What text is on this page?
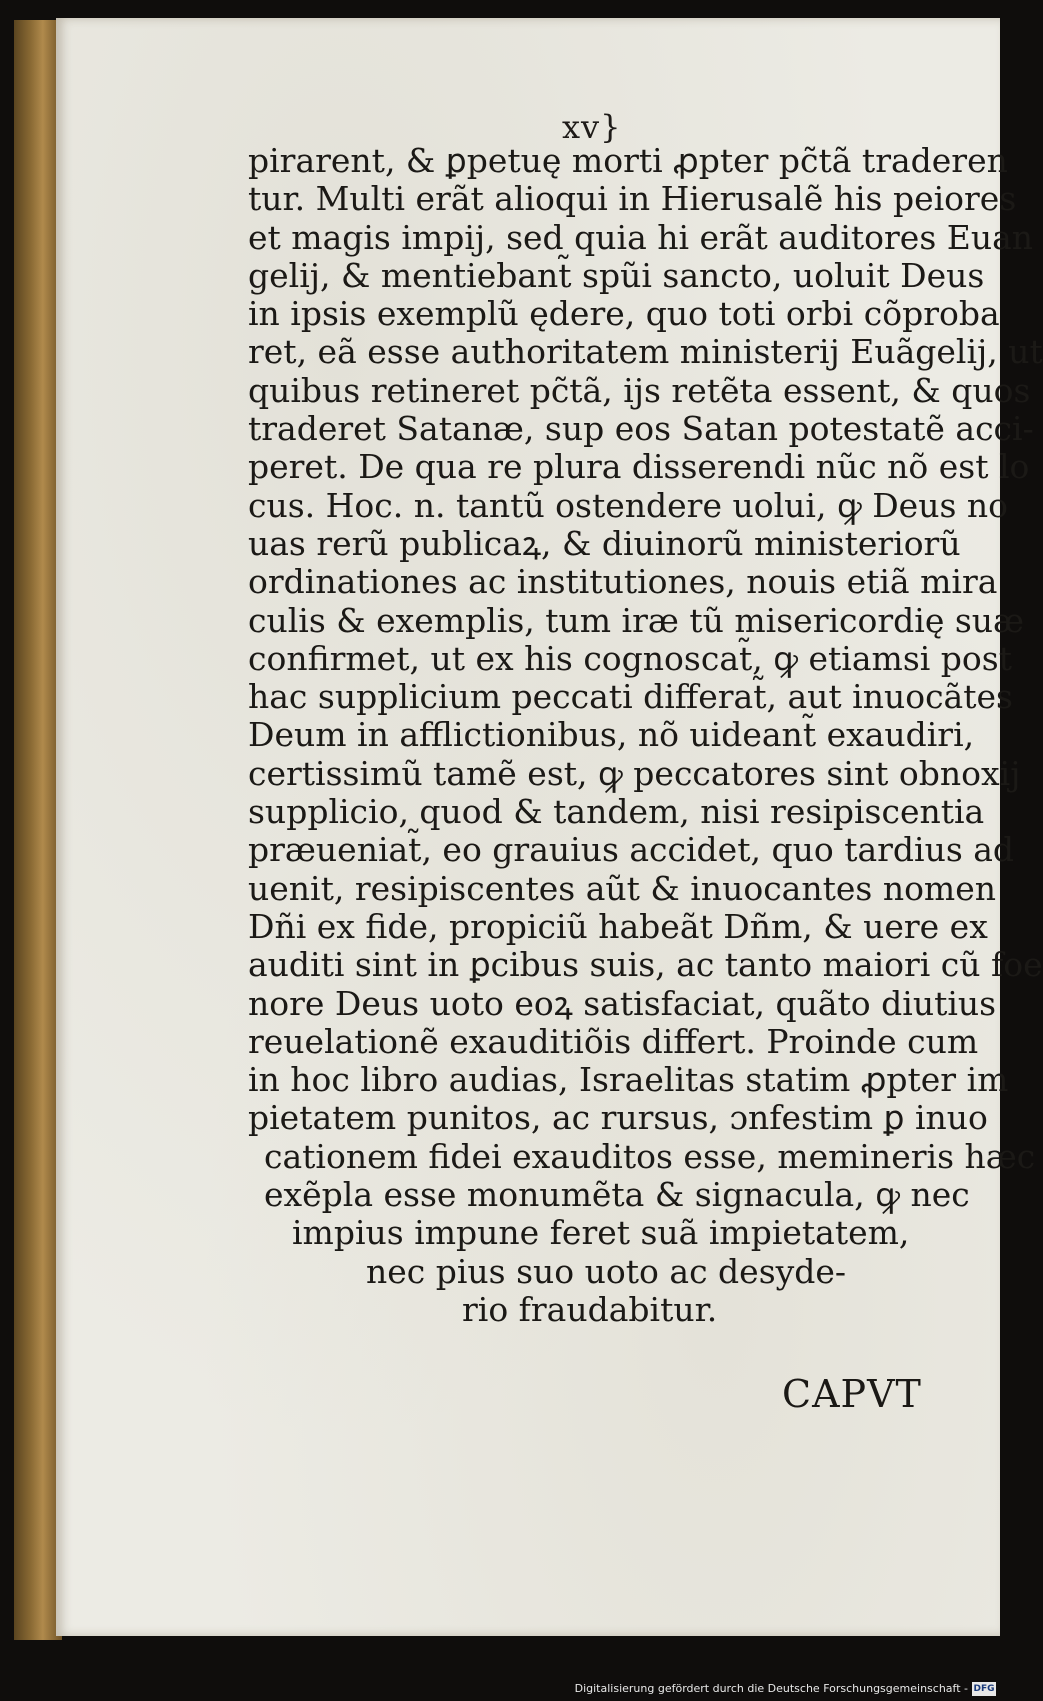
xv}
pirarent, & ꝑpetuę morti ꝓpter pc̃tã traderen
tur. Multi erãt alioqui in Hierusalẽ his peiores
et magis impij, sed quia hi erãt auditores Euan
gelij, & mentiebant̃ spũi sancto, uoluit Deus
in ipsis exemplũ ędere, quo toti orbi cõproba
ret, eã esse authoritatem ministerij Euãgelij, ut
quibus retineret pc̃tã, ijs retẽta essent, & quos
traderet Satanæ, sup eos Satan potestatẽ acci-
peret. De qua re plura disserendi nũc nõ est lo
cus. Hoc. n. tantũ ostendere uolui, ꝙ Deus no
uas rerũ publicaꝝ, & diuinorũ ministeriorũ
ordinationes ac institutiones, nouis etiã mira
culis & exemplis, tum iræ tũ misericordię suæ
confirmet, ut ex his cognoscat̃, ꝙ etiamsi post
hac supplicium peccati differat̃, aut inuocãtes
Deum in afflictionibus, nõ uideant̃ exaudiri,
certissimũ tamẽ est, ꝙ peccatores sint obnoxij
supplicio, quod & tandem, nisi resipiscentia
præueniat̃, eo grauius accidet, quo tardius ad
uenit, resipiscentes aũt & inuocantes nomen
Dñi ex fide, propiciũ habeãt Dñm, & uere ex
auditi sint in ꝑcibus suis, ac tanto maiori cũ foe
nore Deus uoto eoꝝ satisfaciat, quãto diutius
reuelationẽ exauditiõis differt. Proinde cum
in hoc libro audias, Israelitas statim ꝓpter im
pietatem punitos, ac rursus, ɔnfestim ꝑ inuo
cationem fidei exauditos esse, memineris hæc
exẽpla esse monumẽta & signacula, ꝙ nec
impius impune feret suã impietatem,
nec pius suo uoto ac desyde-
rio fraudabitur.
CAPVT
Digitalisierung gefördert durch die Deutsche Forschungsgemeinschaft - DFG
